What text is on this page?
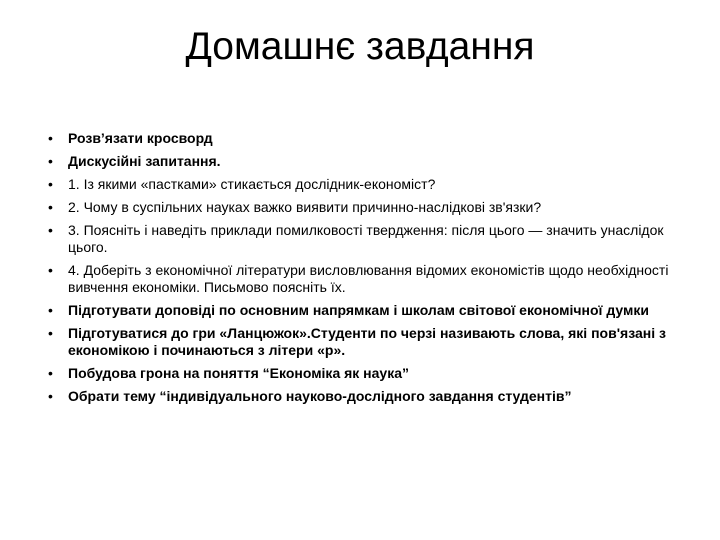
Домашнє завдання
• Розв’язати кросворд
• Дискусійні запитання.
• 1. Із якими «пастками» стикається дослідник-економіст?
• 2. Чому в суспільних науках важко виявити причинно-наслідкові зв'язки?
• 3. Поясніть і наведіть приклади помилковості твердження: після цього — значить унаслідок цього.
• 4. Доберіть з економічної літератури висловлювання відомих економістів щодо необхідності вивчення економіки. Письмово поясніть їх.
• Підготувати доповіді по основним напрямкам і школам світової економічної думки
• Підготуватися до гри «Ланцюжок».Студенти по черзі називають слова, які пов'язані з економікою і починаються з літери «р».
• Побудова грона на поняття “Економіка як наука”
• Обрати тему “індивідуального науково-дослідного завдання студентів”
